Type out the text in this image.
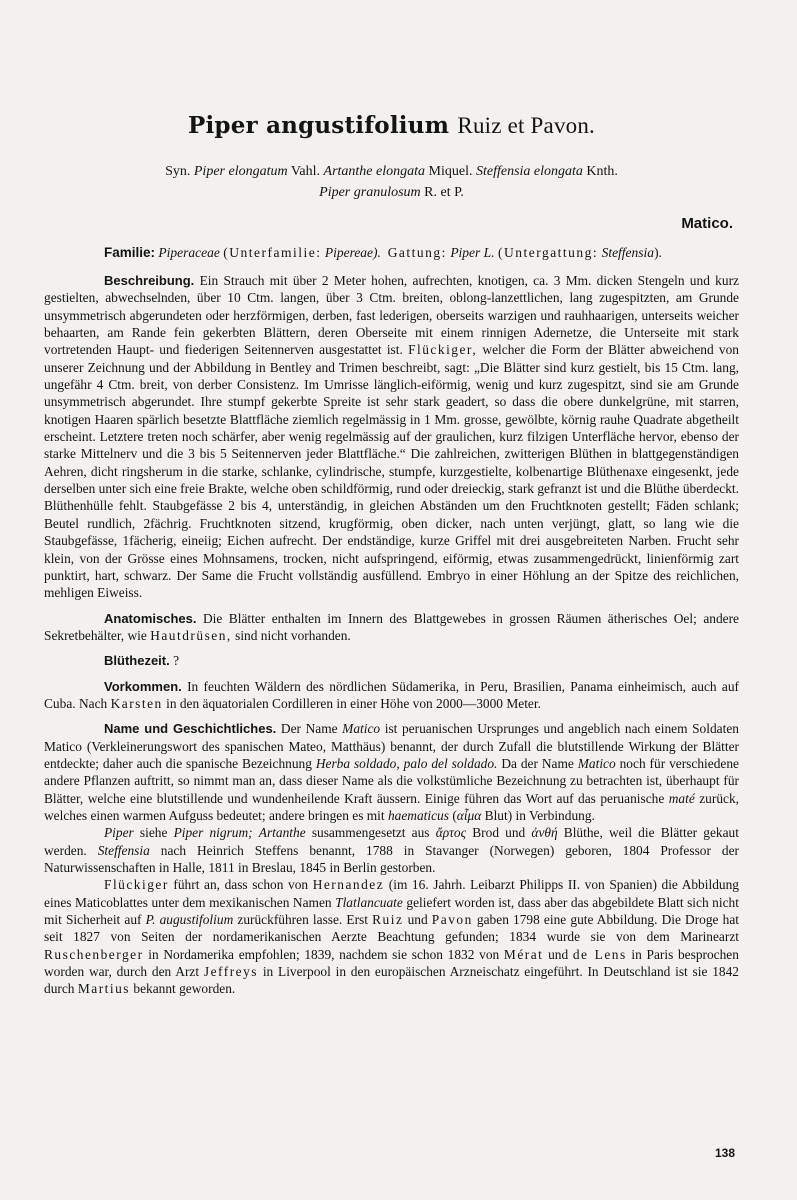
Piper angustifolium Ruiz et Pavon.
Syn. Piper elongatum Vahl. Artanthe elongata Miquel. Steffensia elongata Knth.
Piper granulosum R. et P.
Matico.

Familie: Piperaceae (Unterfamilie: Pipereae). Gattung: Piper L. (Untergattung: Steffensia).

Beschreibung. Ein Strauch mit über 2 Meter hohen, aufrechten, knotigen, ca. 3 Mm. dicken Stengeln und kurz gestielten, abwechselnden, über 10 Ctm. langen, über 3 Ctm. breiten, oblong-lanzettlichen, lang zugespitzten, am Grunde unsymmetrisch abgerundeten oder herzförmigen, derben, fast lederigen, oberseits warzigen und rauhhaarigen, unterseits weicher behaarten, am Rande fein gekerbten Blättern, deren Oberseite mit einem rinnigen Adernetze, die Unterseite mit stark vortretenden Haupt- und fiederigen Seitennerven ausgestattet ist. Flückiger, welcher die Form der Blätter abweichend von unserer Zeichnung und der Abbildung in Bentley and Trimen beschreibt, sagt: „Die Blätter sind kurz gestielt, bis 15 Ctm. lang, ungefähr 4 Ctm. breit, von derber Consistenz. Im Umrisse länglich-eiförmig, wenig und kurz zugespitzt, sind sie am Grunde unsymmetrisch abgerundet. Ihre stumpf gekerbte Spreite ist sehr stark geadert, so dass die obere dunkelgrüne, mit starren, knotigen Haaren spärlich besetzte Blattfläche ziemlich regelmässig in 1 Mm. grosse, gewölbte, körnig rauhe Quadrate abgetheilt erscheint. Letztere treten noch schärfer, aber wenig regelmässig auf der graulichen, kurz filzigen Unterfläche hervor, ebenso der starke Mittelnerv und die 3 bis 5 Seitennerven jeder Blattfläche.“ Die zahlreichen, zwitterigen Blüthen in blattgegenständigen Aehren, dicht ringsherum in die starke, schlanke, cylindrische, stumpfe, kurzgestielte, kolbenartige Blüthenaxe eingesenkt, jede derselben unter sich eine freie Brakte, welche oben schildförmig, rund oder dreieckig, stark gefranzt ist und die Blüthe überdeckt. Blüthenhülle fehlt. Staubgefässe 2 bis 4, unterständig, in gleichen Abständen um den Fruchtknoten gestellt; Fäden schlank; Beutel rundlich, 2fächrig. Fruchtknoten sitzend, krugförmig, oben dicker, nach unten verjüngt, glatt, so lang wie die Staubgefässe, 1fächerig, eineiig; Eichen aufrecht. Der endständige, kurze Griffel mit drei ausgebreiteten Narben. Frucht sehr klein, von der Grösse eines Mohnsamens, trocken, nicht aufspringend, eiförmig, etwas zusammengedrückt, linienförmig zart punktirt, hart, schwarz. Der Same die Frucht vollständig ausfüllend. Embryo in einer Höhlung an der Spitze des reichlichen, mehligen Eiweiss.

Anatomisches. Die Blätter enthalten im Innern des Blattgewebes in grossen Räumen ätherisches Oel; andere Sekretbehälter, wie Hautdrüsen, sind nicht vorhanden.

Blüthezeit. ?

Vorkommen. In feuchten Wäldern des nördlichen Südamerika, in Peru, Brasilien, Panama einheimisch, auch auf Cuba. Nach Karsten in den äquatorialen Cordilleren in einer Höhe von 2000—3000 Meter.

Name und Geschichtliches. Der Name Matico ist peruanischen Ursprunges und angeblich nach einem Soldaten Matico (Verkleinerungswort des spanischen Mateo, Matthäus) benannt, der durch Zufall die blutstillende Wirkung der Blätter entdeckte; daher auch die spanische Bezeichnung Herba soldado, palo del soldado. Da der Name Matico noch für verschiedene andere Pflanzen auftritt, so nimmt man an, dass dieser Name als die volkstümliche Bezeichnung zu betrachten ist, überhaupt für Blätter, welche eine blutstillende und wundenheilende Kraft äussern. Einige führen das Wort auf das peruanische maté zurück, welches einen warmen Aufguss bedeutet; andere bringen es mit haematicus (αἷμα Blut) in Verbindung.

Piper siehe Piper nigrum; Artanthe susammengesetzt aus ἄρτος Brod und ἀνθή Blüthe, weil die Blätter gekaut werden. Steffensia nach Heinrich Steffens benannt, 1788 in Stavanger (Norwegen) geboren, 1804 Professor der Naturwissenschaften in Halle, 1811 in Breslau, 1845 in Berlin gestorben.

Flückiger führt an, dass schon von Hernandez (im 16. Jahrh. Leibarzt Philipps II. von Spanien) die Abbildung eines Maticoblattes unter dem mexikanischen Namen Tlatlancuate geliefert worden ist, dass aber das abgebildete Blatt sich nicht mit Sicherheit auf P. augustifolium zurückführen lasse. Erst Ruiz und Pavon gaben 1798 eine gute Abbildung. Die Droge hat seit 1827 von Seiten der nordamerikanischen Aerzte Beachtung gefunden; 1834 wurde sie von dem Marinearzt Ruschenberger in Nordamerika empfohlen; 1839, nachdem sie schon 1832 von Mérat und de Lens in Paris besprochen worden war, durch den Arzt Jeffreys in Liverpool in den europäischen Arzneischatz eingeführt. In Deutschland ist sie 1842 durch Martius bekannt geworden.

138
